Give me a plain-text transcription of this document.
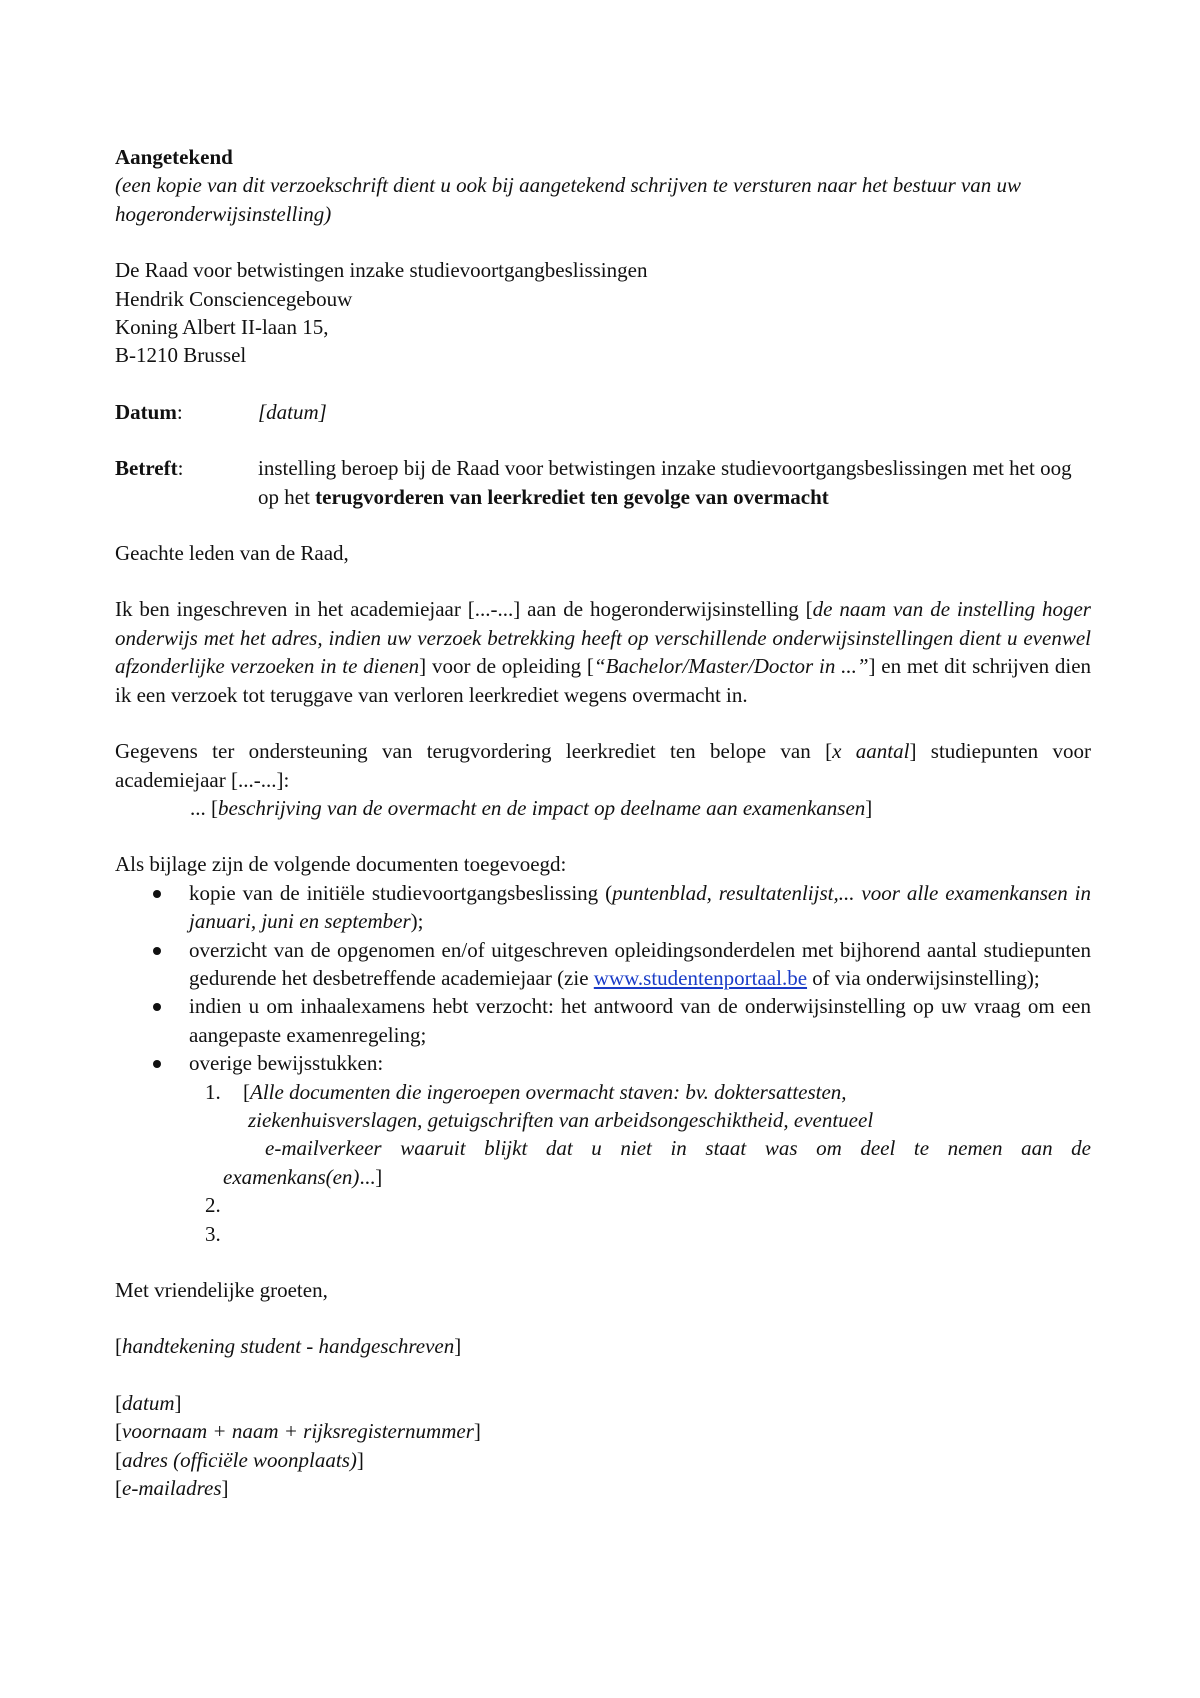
Aangetekend

(een kopie van dit verzoekschrift dient u ook bij aangetekend schrijven te versturen naar het bestuur van uw hogeronderwijsinstelling)

De Raad voor betwistingen inzake studievoortgangbeslissingen

Hendrik Consciencegebouw

Koning Albert II-laan 15,

B-1210 Brussel

Datum:	[datum]
Betreft:	instelling beroep bij de Raad voor betwistingen inzake studievoortgangsbeslissingen met het oog op het terugvorderen van leerkrediet ten gevolge van overmacht

Geachte leden van de Raad,

Ik ben ingeschreven in het academiejaar [...-...] aan de hogeronderwijsinstelling [de naam van de instelling hoger onderwijs met het adres, indien uw verzoek betrekking heeft op verschillende onderwijsinstellingen dient u evenwel afzonderlijke verzoeken in te dienen] voor de opleiding [“Bachelor/Master/Doctor in ...”] en met dit schrijven dien ik een verzoek tot teruggave van verloren leerkrediet wegens overmacht in.

Gegevens ter ondersteuning van terugvordering leerkrediet ten belope van [x aantal] studiepunten voor academiejaar [...-...]:

... [beschrijving van de overmacht en de impact op deelname aan examenkansen]

Als bijlage zijn de volgende documenten toegevoegd:

kopie van de initiële studievoortgangsbeslissing (puntenblad, resultatenlijst,... voor alle examenkansen in januari, juni en september);
overzicht van de opgenomen en/of uitgeschreven opleidingsonderdelen met bijhorend aantal studiepunten gedurende het desbetreffende academiejaar (zie www.studentenportaal.be of via onderwijsinstelling);
indien u om inhaalexamens hebt verzocht: het antwoord van de onderwijsinstelling op uw vraag om een aangepaste examenregeling;
overige bewijsstukken:
1. [Alle documenten die ingeroepen overmacht staven: bv. doktersattesten,
ziekenhuisverslagen, getuigschriften van arbeidsongeschiktheid, eventueel
e-mailverkeer waaruit blijkt dat u niet in staat was om deel te nemen aan de
examenkans(en)...]
2.

3.

Met vriendelijke groeten,

[handtekening student - handgeschreven]

[datum]

[voornaam + naam + rijksregisternummer]

[adres (officiële woonplaats)]

[e-mailadres]
